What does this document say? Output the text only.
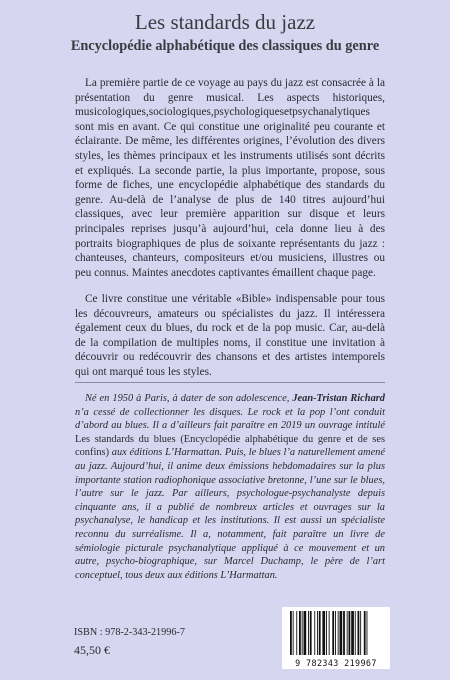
Les standards du jazz
Encyclopédie alphabétique des classiques du genre

La première partie de ce voyage au pays du jazz est consacrée à la présentation du genre musical. Les aspects historiques, musicologiques,sociologiques,psychologiquesetpsychanalytiques sont mis en avant. Ce qui constitue une originalité peu courante et éclairante. De même, les différentes origines, l’évolution des divers styles, les thèmes principaux et les instruments utilisés sont décrits et expliqués. La seconde partie, la plus importante, propose, sous forme de fiches, une encyclopédie alphabétique des standards du genre. Au-delà de l’analyse de plus de 140 titres aujourd’hui classiques, avec leur première apparition sur disque et leurs principales reprises jusqu’à aujourd’hui, cela donne lieu à des portraits biographiques de plus de soixante représentants du jazz : chanteuses, chanteurs, compositeurs et/ou musiciens, illustres ou peu connus. Maintes anecdotes captivantes émaillent chaque page.

Ce livre constitue une véritable «Bible» indispensable pour tous les découvreurs, amateurs ou spécialistes du jazz. Il intéressera également ceux du blues, du rock et de la pop music. Car, au-delà de la compilation de multiples noms, il constitue une invitation à découvrir ou redécouvrir des chansons et des artistes intemporels qui ont marqué tous les styles.

Né en 1950 à Paris, à dater de son adolescence, Jean-Tristan Richard n’a cessé de collectionner les disques. Le rock et la pop l’ont conduit d’abord au blues. Il a d’ailleurs fait paraître en 2019 un ouvrage intitulé Les standards du blues (Encyclopédie alphabétique du genre et de ses confins) aux éditions L’Harmattan. Puis, le blues l’a naturellement amené au jazz. Aujourd’hui, il anime deux émissions hebdomadaires sur la plus importante station radiophonique associative bretonne, l’une sur le blues, l’autre sur le jazz. Par ailleurs, psychologue-psychanalyste depuis cinquante ans, il a publié de nombreux articles et ouvrages sur la psychanalyse, le handicap et les institutions. Il est aussi un spécialiste reconnu du surréalisme. Il a, notamment, fait paraître un livre de sémiologie picturale psychanalytique appliqué à ce mouvement et un autre, psycho-biographique, sur Marcel Duchamp, le père de l’art conceptuel, tous deux aux éditions L’Harmattan.

ISBN : 978-2-343-21996-7

45,50 €

9 782343 219967
